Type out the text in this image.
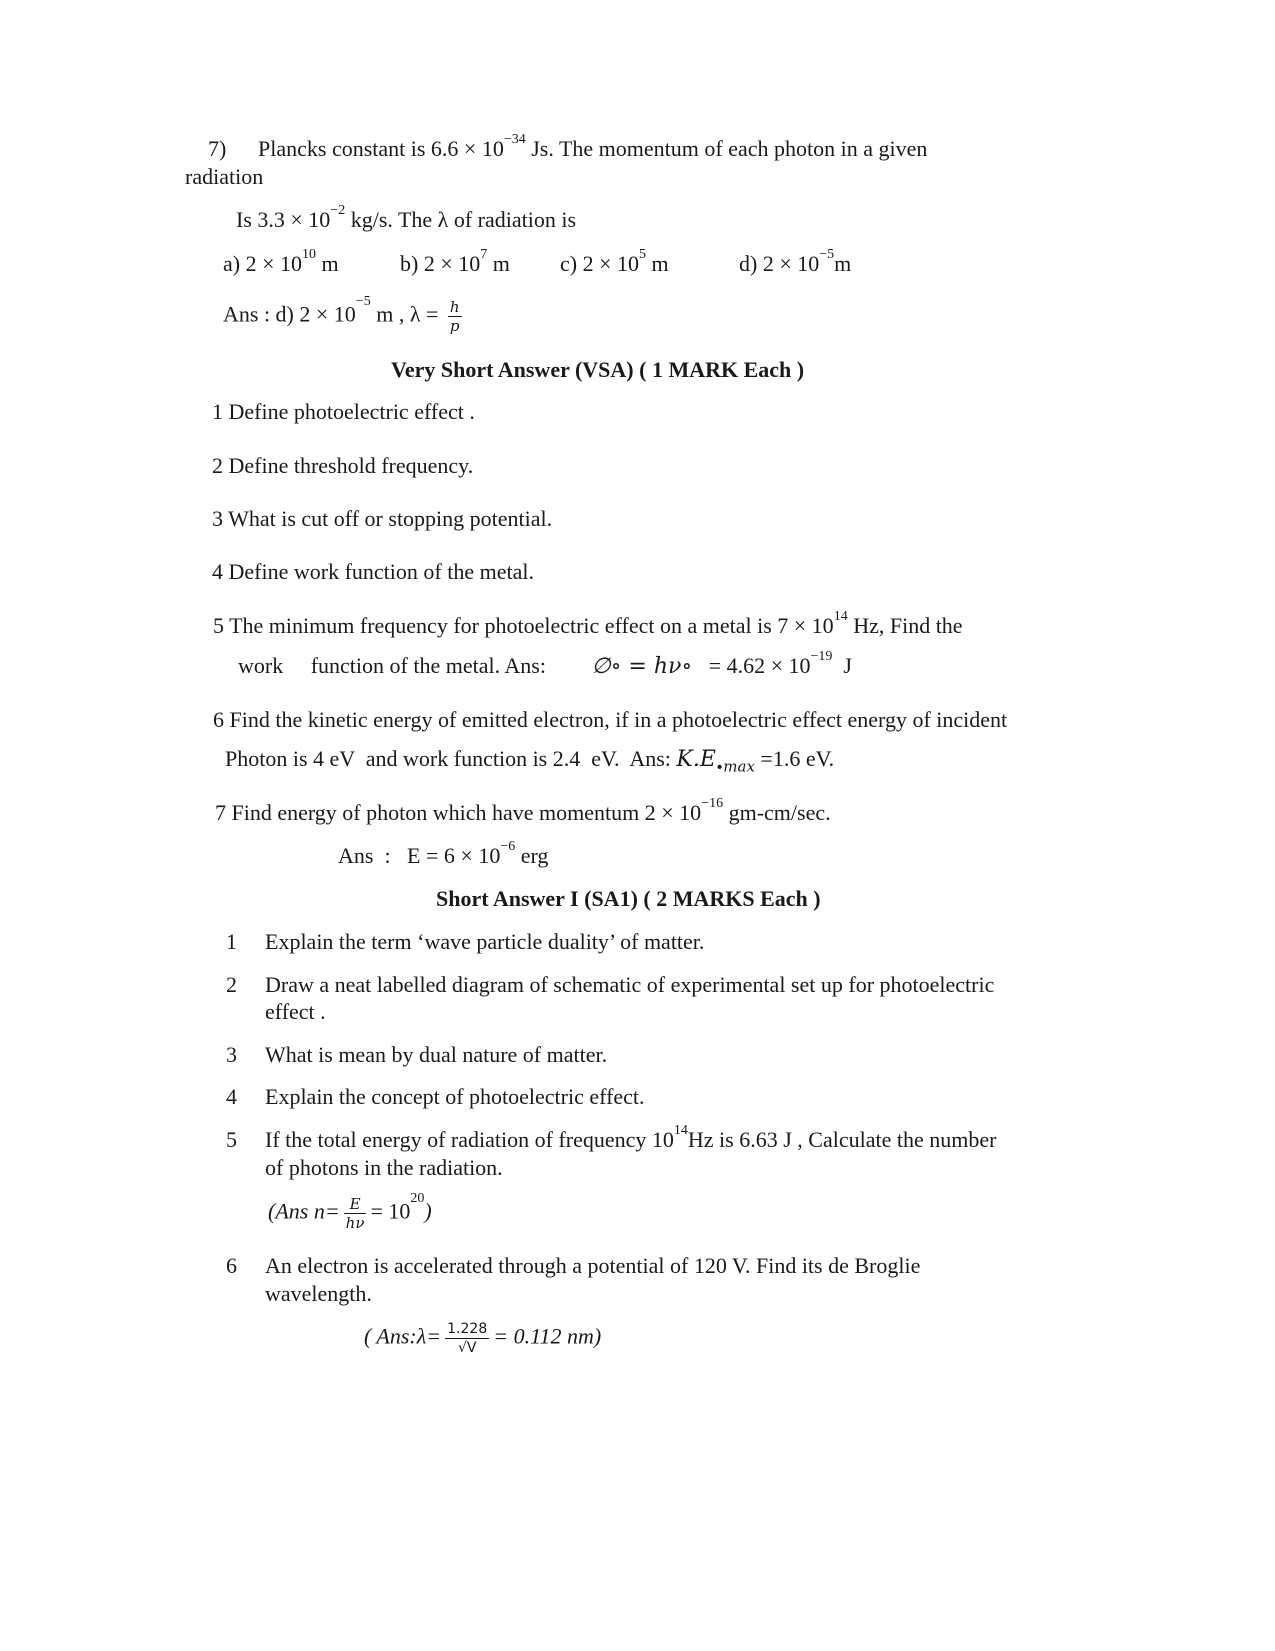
7) Plancks constant is $6.6 \times 10^{-34}$ Js. The momentum of each photon in a given
radiation
Is $3.3 \times 10^{-2}$ kg/s. The λ of radiation is
a) $2 \times 10^{10}$ m	b) $2 \times 10^7$ m c) $2 \times 10^5$ m	d) $2 \times 10^{-5}m$
Ans : d) $2 \times 10^{-5}$ m , $\lambda = \frac{h}{p}$
Very Short Answer (VSA) ( 1 MARK Each )
1 Define photoelectric effect .
2 Define threshold frequency.
3 What is cut off or stopping potential.
4 Define work function of the metal.
5 The minimum frequency for photoelectric effect on a metal is $7 \times 10^{14}$ Hz, Find the
work     function of the metal. Ans: ∅∘ = hν∘   = $4.62 \times 10^{-19}$  J
6 Find the kinetic energy of emitted electron, if in a photoelectric effect energy of incident
Photon is 4 eV  and work function is 2.4  eV.  Ans: $K.E_{\cdot max} =1.6$ eV.
7 Find energy of photon which have momentum $2 \times 10^{-16}$ gm-cm/sec.
Ans  :   $E = 6 \times 10^{-6}$ erg
Short Answer I (SA1) ( 2 MARKS Each )
1 Explain the term ‘wave particle duality’ of matter.
2 Draw a neat labelled diagram of schematic of experimental set up for photoelectric
effect .
3 What is mean by dual nature of matter.
4 Explain the concept of photoelectric effect.
5 If the total energy of radiation of frequency $10^{14}Hz$ is 6.63 J , Calculate the number
of photons in the radiation.
(Ans $n= \frac{E}{h\nu} = 10^{20}$)
6 An electron is accelerated through a potential of 120 V. Find its de Broglie
wavelength.
( Ans:λ= $\frac{1.228}{√V} = 0.112$ nm)
